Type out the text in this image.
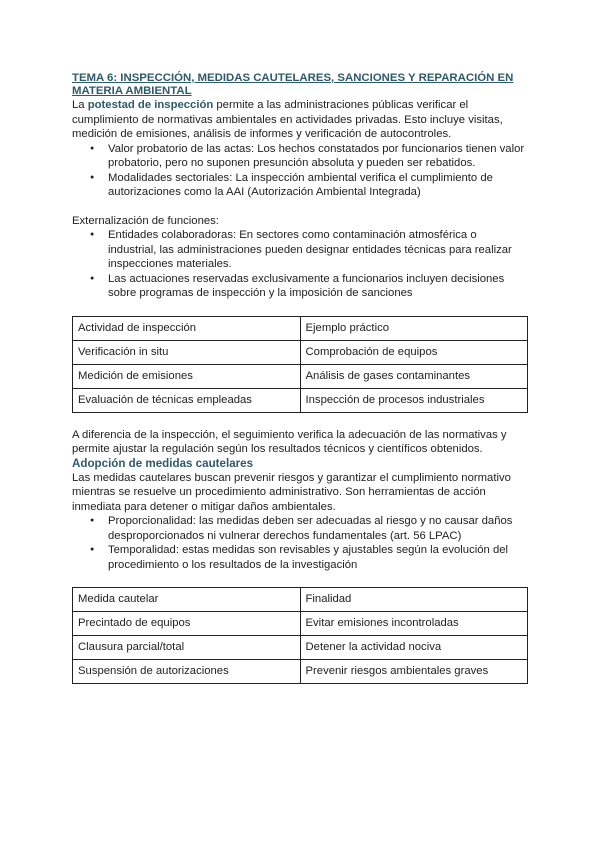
TEMA 6: INSPECCIÓN, MEDIDAS CAUTELARES, SANCIONES Y REPARACIÓN EN MATERIA AMBIENTAL

La potestad de inspección permite a las administraciones públicas verificar el cumplimiento de normativas ambientales en actividades privadas. Esto incluye visitas, medición de emisiones, análisis de informes y verificación de autocontroles.

● Valor probatorio de las actas: Los hechos constatados por funcionarios tienen valor probatorio, pero no suponen presunción absoluta y pueden ser rebatidos.
● Modalidades sectoriales: La inspección ambiental verifica el cumplimiento de autorizaciones como la AAI (Autorización Ambiental Integrada)

Externalización de funciones:

● Entidades colaboradoras: En sectores como contaminación atmosférica o industrial, las administraciones pueden designar entidades técnicas para realizar inspecciones materiales.
● Las actuaciones reservadas exclusivamente a funcionarios incluyen decisiones sobre programas de inspección y la imposición de sanciones
Actividad de inspección	Ejemplo práctico
Verificación in situ	Comprobación de equipos
Medición de emisiones	Análisis de gases contaminantes
Evaluación de técnicas empleadas	Inspección de procesos industriales

A diferencia de la inspección, el seguimiento verifica la adecuación de las normativas y permite ajustar la regulación según los resultados técnicos y científicos obtenidos.

Adopción de medidas cautelares

Las medidas cautelares buscan prevenir riesgos y garantizar el cumplimiento normativo mientras se resuelve un procedimiento administrativo. Son herramientas de acción inmediata para detener o mitigar daños ambientales.

● Proporcionalidad: las medidas deben ser adecuadas al riesgo y no causar daños desproporcionados ni vulnerar derechos fundamentales (art. 56 LPAC)
● Temporalidad: estas medidas son revisables y ajustables según la evolución del procedimiento o los resultados de la investigación
Medida cautelar	Finalidad
Precintado de equipos	Evitar emisiones incontroladas
Clausura parcial/total	Detener la actividad nociva
Suspensión de autorizaciones	Prevenir riesgos ambientales graves
